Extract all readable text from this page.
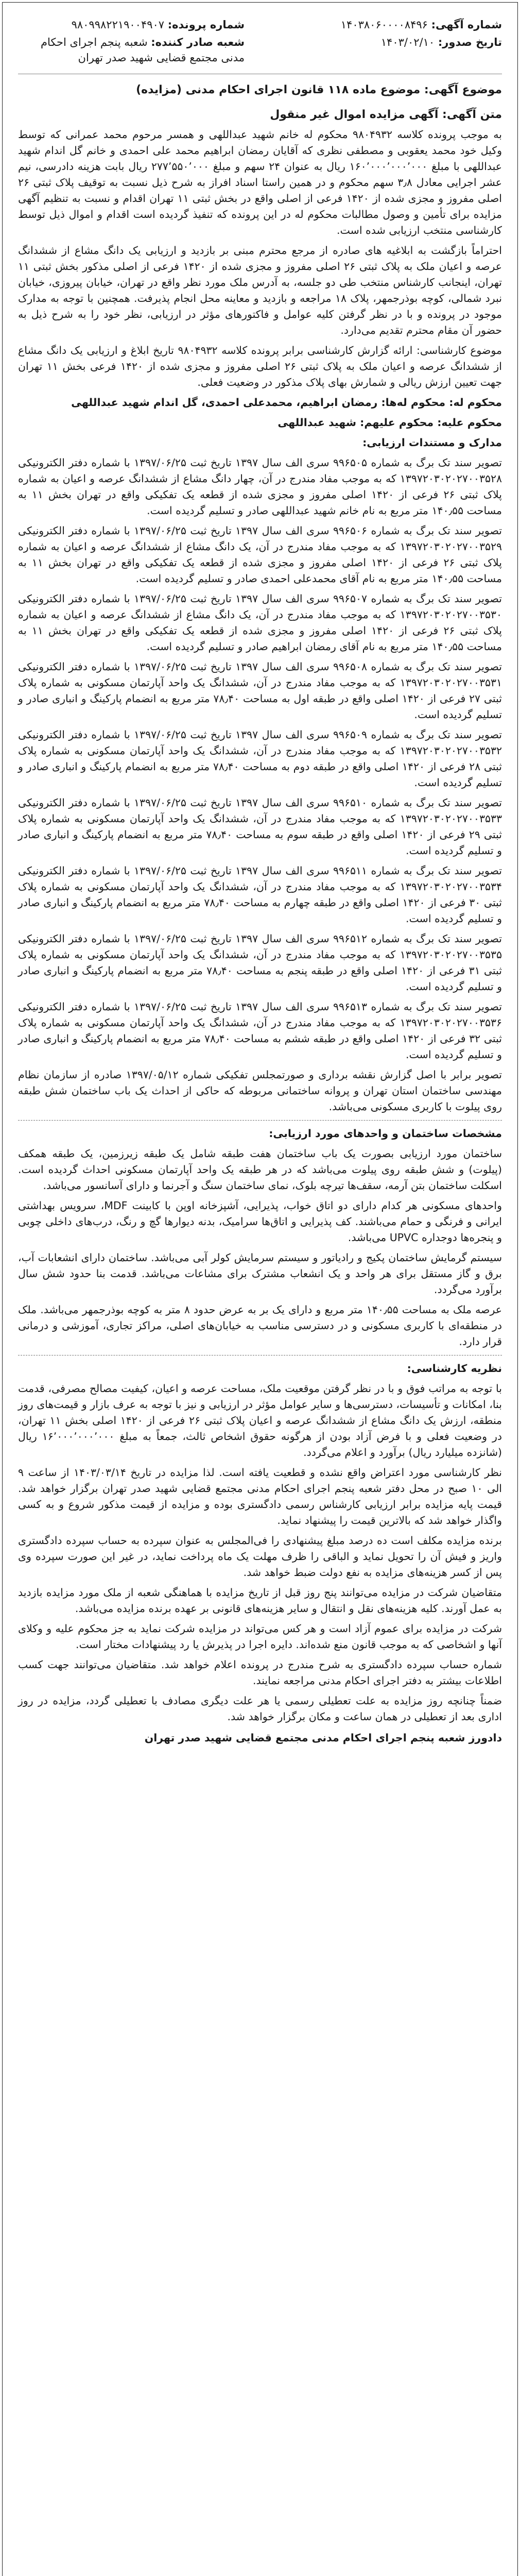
شماره آگهی: ۱۴۰۳۸۰۶۰۰۰۰۸۴۹۶
تاریخ صدور: ۱۴۰۳/۰۲/۱۰
شماره پرونده: ۹۸۰۹۹۸۲۲۱۹۰۰۴۹۰۷
شعبه صادر کننده: شعبه پنجم اجرای احکام مدنی مجتمع قضایی شهید صدر تهران
موضوع آگهی: موضوع ماده ۱۱۸ قانون اجرای احکام مدنی (مزایده)
متن آگهی: آگهی مزایده اموال غیر منقول

به موجب پرونده کلاسه ۹۸۰۴۹۳۲ محکوم له خانم شهید عبداللهی و همسر مرحوم محمد عمرانی که توسط وکیل خود محمد یعقوبی و مصطفی نظری که آقایان رمضان ابراهیم محمد علی احمدی و خانم گل اندام شهید عبداللهی با مبلغ ۱۶۰٬۰۰۰٬۰۰۰٬۰۰۰ ریال به عنوان ۲۴ سهم و مبلغ ۲۷۷٬۵۵۰٬۰۰۰ ریال بابت هزینه دادرسی، نیم عشر اجرایی معادل ۳٫۸ سهم محکوم و در همین راستا اسناد افراز به شرح ذیل نسبت به توقیف پلاک ثبتی ۲۶ اصلی مفروز و مجزی شده از ۱۴۲۰ فرعی از اصلی واقع در بخش ثبتی ۱۱ تهران اقدام و نسبت به تنظیم آگهی مزایده برای تأمین و وصول مطالبات محکوم له در این پرونده که تنفیذ گردیده است اقدام و اموال ذیل توسط کارشناسی منتخب ارزیابی شده است.

احتراماً بازگشت به ابلاغیه های صادره از مرجع محترم مبنی بر بازدید و ارزیابی یک دانگ مشاع از ششدانگ عرصه و اعیان ملک به پلاک ثبتی ۲۶ اصلی مفروز و مجزی شده از ۱۴۲۰ فرعی از اصلی مذکور بخش ثبتی ۱۱ تهران، اینجانب کارشناس منتخب طی دو جلسه، به آدرس ملک مورد نظر واقع در تهران، خیابان پیروزی، خیابان نبرد شمالی، کوچه بوذرجمهر، پلاک ۱۸ مراجعه و بازدید و معاینه محل انجام پذیرفت. همچنین با توجه به مدارک موجود در پرونده و با در نظر گرفتن کلیه عوامل و فاکتورهای مؤثر در ارزیابی، نظر خود را به شرح ذیل به حضور آن مقام محترم تقدیم می‌دارد.

موضوع کارشناسی: ارائه گزارش کارشناسی برابر پرونده کلاسه ۹۸۰۴۹۳۲ تاریخ ابلاغ و ارزیابی یک دانگ مشاع از ششدانگ عرصه و اعیان ملک به پلاک ثبتی ۲۶ اصلی مفروز و مجزی شده از ۱۴۲۰ فرعی بخش ۱۱ تهران جهت تعیین ارزش ریالی و شمارش بهای پلاک مذکور در وضعیت فعلی.

محکوم له: محکوم له‌ها: رمضان ابراهیم، محمدعلی احمدی، گل اندام شهید عبداللهی

محکوم علیه: محکوم علیهم: شهید عبداللهی

مدارک و مستندات ارزیابی:

تصویر سند تک برگ به شماره ۹۹۶۵۰۵ سری الف سال ۱۳۹۷ تاریخ ثبت ۱۳۹۷/۰۶/۲۵ با شماره دفتر الکترونیکی ۱۳۹۷۲۰۳۰۲۰۲۷۰۰۳۵۲۸ که به موجب مفاد مندرج در آن، چهار دانگ مشاع از ششدانگ عرصه و اعیان به شماره پلاک ثبتی ۲۶ فرعی از ۱۴۲۰ اصلی مفروز و مجزی شده از قطعه یک تفکیکی واقع در تهران بخش ۱۱ به مساحت ۱۴۰٫۵۵ متر مربع به نام خانم شهید عبداللهی صادر و تسلیم گردیده است.

تصویر سند تک برگ به شماره ۹۹۶۵۰۶ سری الف سال ۱۳۹۷ تاریخ ثبت ۱۳۹۷/۰۶/۲۵ با شماره دفتر الکترونیکی ۱۳۹۷۲۰۳۰۲۰۲۷۰۰۳۵۲۹ که به موجب مفاد مندرج در آن، یک دانگ مشاع از ششدانگ عرصه و اعیان به شماره پلاک ثبتی ۲۶ فرعی از ۱۴۲۰ اصلی مفروز و مجزی شده از قطعه یک تفکیکی واقع در تهران بخش ۱۱ به مساحت ۱۴۰٫۵۵ متر مربع به نام آقای محمدعلی احمدی صادر و تسلیم گردیده است.

تصویر سند تک برگ به شماره ۹۹۶۵۰۷ سری الف سال ۱۳۹۷ تاریخ ثبت ۱۳۹۷/۰۶/۲۵ با شماره دفتر الکترونیکی ۱۳۹۷۲۰۳۰۲۰۲۷۰۰۳۵۳۰ که به موجب مفاد مندرج در آن، یک دانگ مشاع از ششدانگ عرصه و اعیان به شماره پلاک ثبتی ۲۶ فرعی از ۱۴۲۰ اصلی مفروز و مجزی شده از قطعه یک تفکیکی واقع در تهران بخش ۱۱ به مساحت ۱۴۰٫۵۵ متر مربع به نام آقای رمضان ابراهیم صادر و تسلیم گردیده است.

تصویر سند تک برگ به شماره ۹۹۶۵۰۸ سری الف سال ۱۳۹۷ تاریخ ثبت ۱۳۹۷/۰۶/۲۵ با شماره دفتر الکترونیکی ۱۳۹۷۲۰۳۰۲۰۲۷۰۰۳۵۳۱ که به موجب مفاد مندرج در آن، ششدانگ یک واحد آپارتمان مسکونی به شماره پلاک ثبتی ۲۷ فرعی از ۱۴۲۰ اصلی واقع در طبقه اول به مساحت ۷۸٫۴۰ متر مربع به انضمام پارکینگ و انباری صادر و تسلیم گردیده است.

تصویر سند تک برگ به شماره ۹۹۶۵۰۹ سری الف سال ۱۳۹۷ تاریخ ثبت ۱۳۹۷/۰۶/۲۵ با شماره دفتر الکترونیکی ۱۳۹۷۲۰۳۰۲۰۲۷۰۰۳۵۳۲ که به موجب مفاد مندرج در آن، ششدانگ یک واحد آپارتمان مسکونی به شماره پلاک ثبتی ۲۸ فرعی از ۱۴۲۰ اصلی واقع در طبقه دوم به مساحت ۷۸٫۴۰ متر مربع به انضمام پارکینگ و انباری صادر و تسلیم گردیده است.

تصویر سند تک برگ به شماره ۹۹۶۵۱۰ سری الف سال ۱۳۹۷ تاریخ ثبت ۱۳۹۷/۰۶/۲۵ با شماره دفتر الکترونیکی ۱۳۹۷۲۰۳۰۲۰۲۷۰۰۳۵۳۳ که به موجب مفاد مندرج در آن، ششدانگ یک واحد آپارتمان مسکونی به شماره پلاک ثبتی ۲۹ فرعی از ۱۴۲۰ اصلی واقع در طبقه سوم به مساحت ۷۸٫۴۰ متر مربع به انضمام پارکینگ و انباری صادر و تسلیم گردیده است.

تصویر سند تک برگ به شماره ۹۹۶۵۱۱ سری الف سال ۱۳۹۷ تاریخ ثبت ۱۳۹۷/۰۶/۲۵ با شماره دفتر الکترونیکی ۱۳۹۷۲۰۳۰۲۰۲۷۰۰۳۵۳۴ که به موجب مفاد مندرج در آن، ششدانگ یک واحد آپارتمان مسکونی به شماره پلاک ثبتی ۳۰ فرعی از ۱۴۲۰ اصلی واقع در طبقه چهارم به مساحت ۷۸٫۴۰ متر مربع به انضمام پارکینگ و انباری صادر و تسلیم گردیده است.

تصویر سند تک برگ به شماره ۹۹۶۵۱۲ سری الف سال ۱۳۹۷ تاریخ ثبت ۱۳۹۷/۰۶/۲۵ با شماره دفتر الکترونیکی ۱۳۹۷۲۰۳۰۲۰۲۷۰۰۳۵۳۵ که به موجب مفاد مندرج در آن، ششدانگ یک واحد آپارتمان مسکونی به شماره پلاک ثبتی ۳۱ فرعی از ۱۴۲۰ اصلی واقع در طبقه پنجم به مساحت ۷۸٫۴۰ متر مربع به انضمام پارکینگ و انباری صادر و تسلیم گردیده است.

تصویر سند تک برگ به شماره ۹۹۶۵۱۳ سری الف سال ۱۳۹۷ تاریخ ثبت ۱۳۹۷/۰۶/۲۵ با شماره دفتر الکترونیکی ۱۳۹۷۲۰۳۰۲۰۲۷۰۰۳۵۳۶ که به موجب مفاد مندرج در آن، ششدانگ یک واحد آپارتمان مسکونی به شماره پلاک ثبتی ۳۲ فرعی از ۱۴۲۰ اصلی واقع در طبقه ششم به مساحت ۷۸٫۴۰ متر مربع به انضمام پارکینگ و انباری صادر و تسلیم گردیده است.

تصویر برابر با اصل گزارش نقشه برداری و صورتمجلس تفکیکی شماره ۱۳۹۷/۰۵/۱۲ صادره از سازمان نظام مهندسی ساختمان استان تهران و پروانه ساختمانی مربوطه که حاکی از احداث یک باب ساختمان شش طبقه روی پیلوت با کاربری مسکونی می‌باشد.

مشخصات ساختمان و واحدهای مورد ارزیابی:

ساختمان مورد ارزیابی بصورت یک باب ساختمان هفت طبقه شامل یک طبقه زیرزمین، یک طبقه همکف (پیلوت) و شش طبقه روی پیلوت می‌باشد که در هر طبقه یک واحد آپارتمان مسکونی احداث گردیده است. اسکلت ساختمان بتن آرمه، سقف‌ها تیرچه بلوک، نمای ساختمان سنگ و آجرنما و دارای آسانسور می‌باشد.

واحدهای مسکونی هر کدام دارای دو اتاق خواب، پذیرایی، آشپزخانه اوپن با کابینت MDF، سرویس بهداشتی ایرانی و فرنگی و حمام می‌باشند. کف پذیرایی و اتاق‌ها سرامیک، بدنه دیوارها گچ و رنگ، درب‌های داخلی چوبی و پنجره‌ها دوجداره UPVC می‌باشد.

سیستم گرمایش ساختمان پکیج و رادیاتور و سیستم سرمایش کولر آبی می‌باشد. ساختمان دارای انشعابات آب، برق و گاز مستقل برای هر واحد و یک انشعاب مشترک برای مشاعات می‌باشد. قدمت بنا حدود شش سال برآورد می‌گردد.

عرصه ملک به مساحت ۱۴۰٫۵۵ متر مربع و دارای یک بر به عرض حدود ۸ متر به کوچه بوذرجمهر می‌باشد. ملک در منطقه‌ای با کاربری مسکونی و در دسترسی مناسب به خیابان‌های اصلی، مراکز تجاری، آموزشی و درمانی قرار دارد.

نظریه کارشناسی:

با توجه به مراتب فوق و با در نظر گرفتن موقعیت ملک، مساحت عرصه و اعیان، کیفیت مصالح مصرفی، قدمت بنا، امکانات و تأسیسات، دسترسی‌ها و سایر عوامل مؤثر در ارزیابی و نیز با توجه به عرف بازار و قیمت‌های روز منطقه، ارزش یک دانگ مشاع از ششدانگ عرصه و اعیان پلاک ثبتی ۲۶ فرعی از ۱۴۲۰ اصلی بخش ۱۱ تهران، در وضعیت فعلی و با فرض آزاد بودن از هرگونه حقوق اشخاص ثالث، جمعاً به مبلغ ۱۶٬۰۰۰٬۰۰۰٬۰۰۰ ریال (شانزده میلیارد ریال) برآورد و اعلام می‌گردد.

نظر کارشناسی مورد اعتراض واقع نشده و قطعیت یافته است. لذا مزایده در تاریخ ۱۴۰۳/۰۳/۱۴ از ساعت ۹ الی ۱۰ صبح در محل دفتر شعبه پنجم اجرای احکام مدنی مجتمع قضایی شهید صدر تهران برگزار خواهد شد. قیمت پایه مزایده برابر ارزیابی کارشناس رسمی دادگستری بوده و مزایده از قیمت مذکور شروع و به کسی واگذار خواهد شد که بالاترین قیمت را پیشنهاد نماید.

برنده مزایده مکلف است ده درصد مبلغ پیشنهادی را فی‌المجلس به عنوان سپرده به حساب سپرده دادگستری واریز و فیش آن را تحویل نماید و الباقی را ظرف مهلت یک ماه پرداخت نماید، در غیر این صورت سپرده وی پس از کسر هزینه‌های مزایده به نفع دولت ضبط خواهد شد.

متقاضیان شرکت در مزایده می‌توانند پنج روز قبل از تاریخ مزایده با هماهنگی شعبه از ملک مورد مزایده بازدید به عمل آورند. کلیه هزینه‌های نقل و انتقال و سایر هزینه‌های قانونی بر عهده برنده مزایده می‌باشد.

شرکت در مزایده برای عموم آزاد است و هر کس می‌تواند در مزایده شرکت نماید به جز محکوم علیه و وکلای آنها و اشخاصی که به موجب قانون منع شده‌اند. دایره اجرا در پذیرش یا رد پیشنهادات مختار است.

شماره حساب سپرده دادگستری به شرح مندرج در پرونده اعلام خواهد شد. متقاضیان می‌توانند جهت کسب اطلاعات بیشتر به دفتر اجرای احکام مدنی مراجعه نمایند.

ضمناً چنانچه روز مزایده به علت تعطیلی رسمی یا هر علت دیگری مصادف با تعطیلی گردد، مزایده در روز اداری بعد از تعطیلی در همان ساعت و مکان برگزار خواهد شد.

دادورز شعبه پنجم اجرای احکام مدنی مجتمع قضایی شهید صدر تهران
